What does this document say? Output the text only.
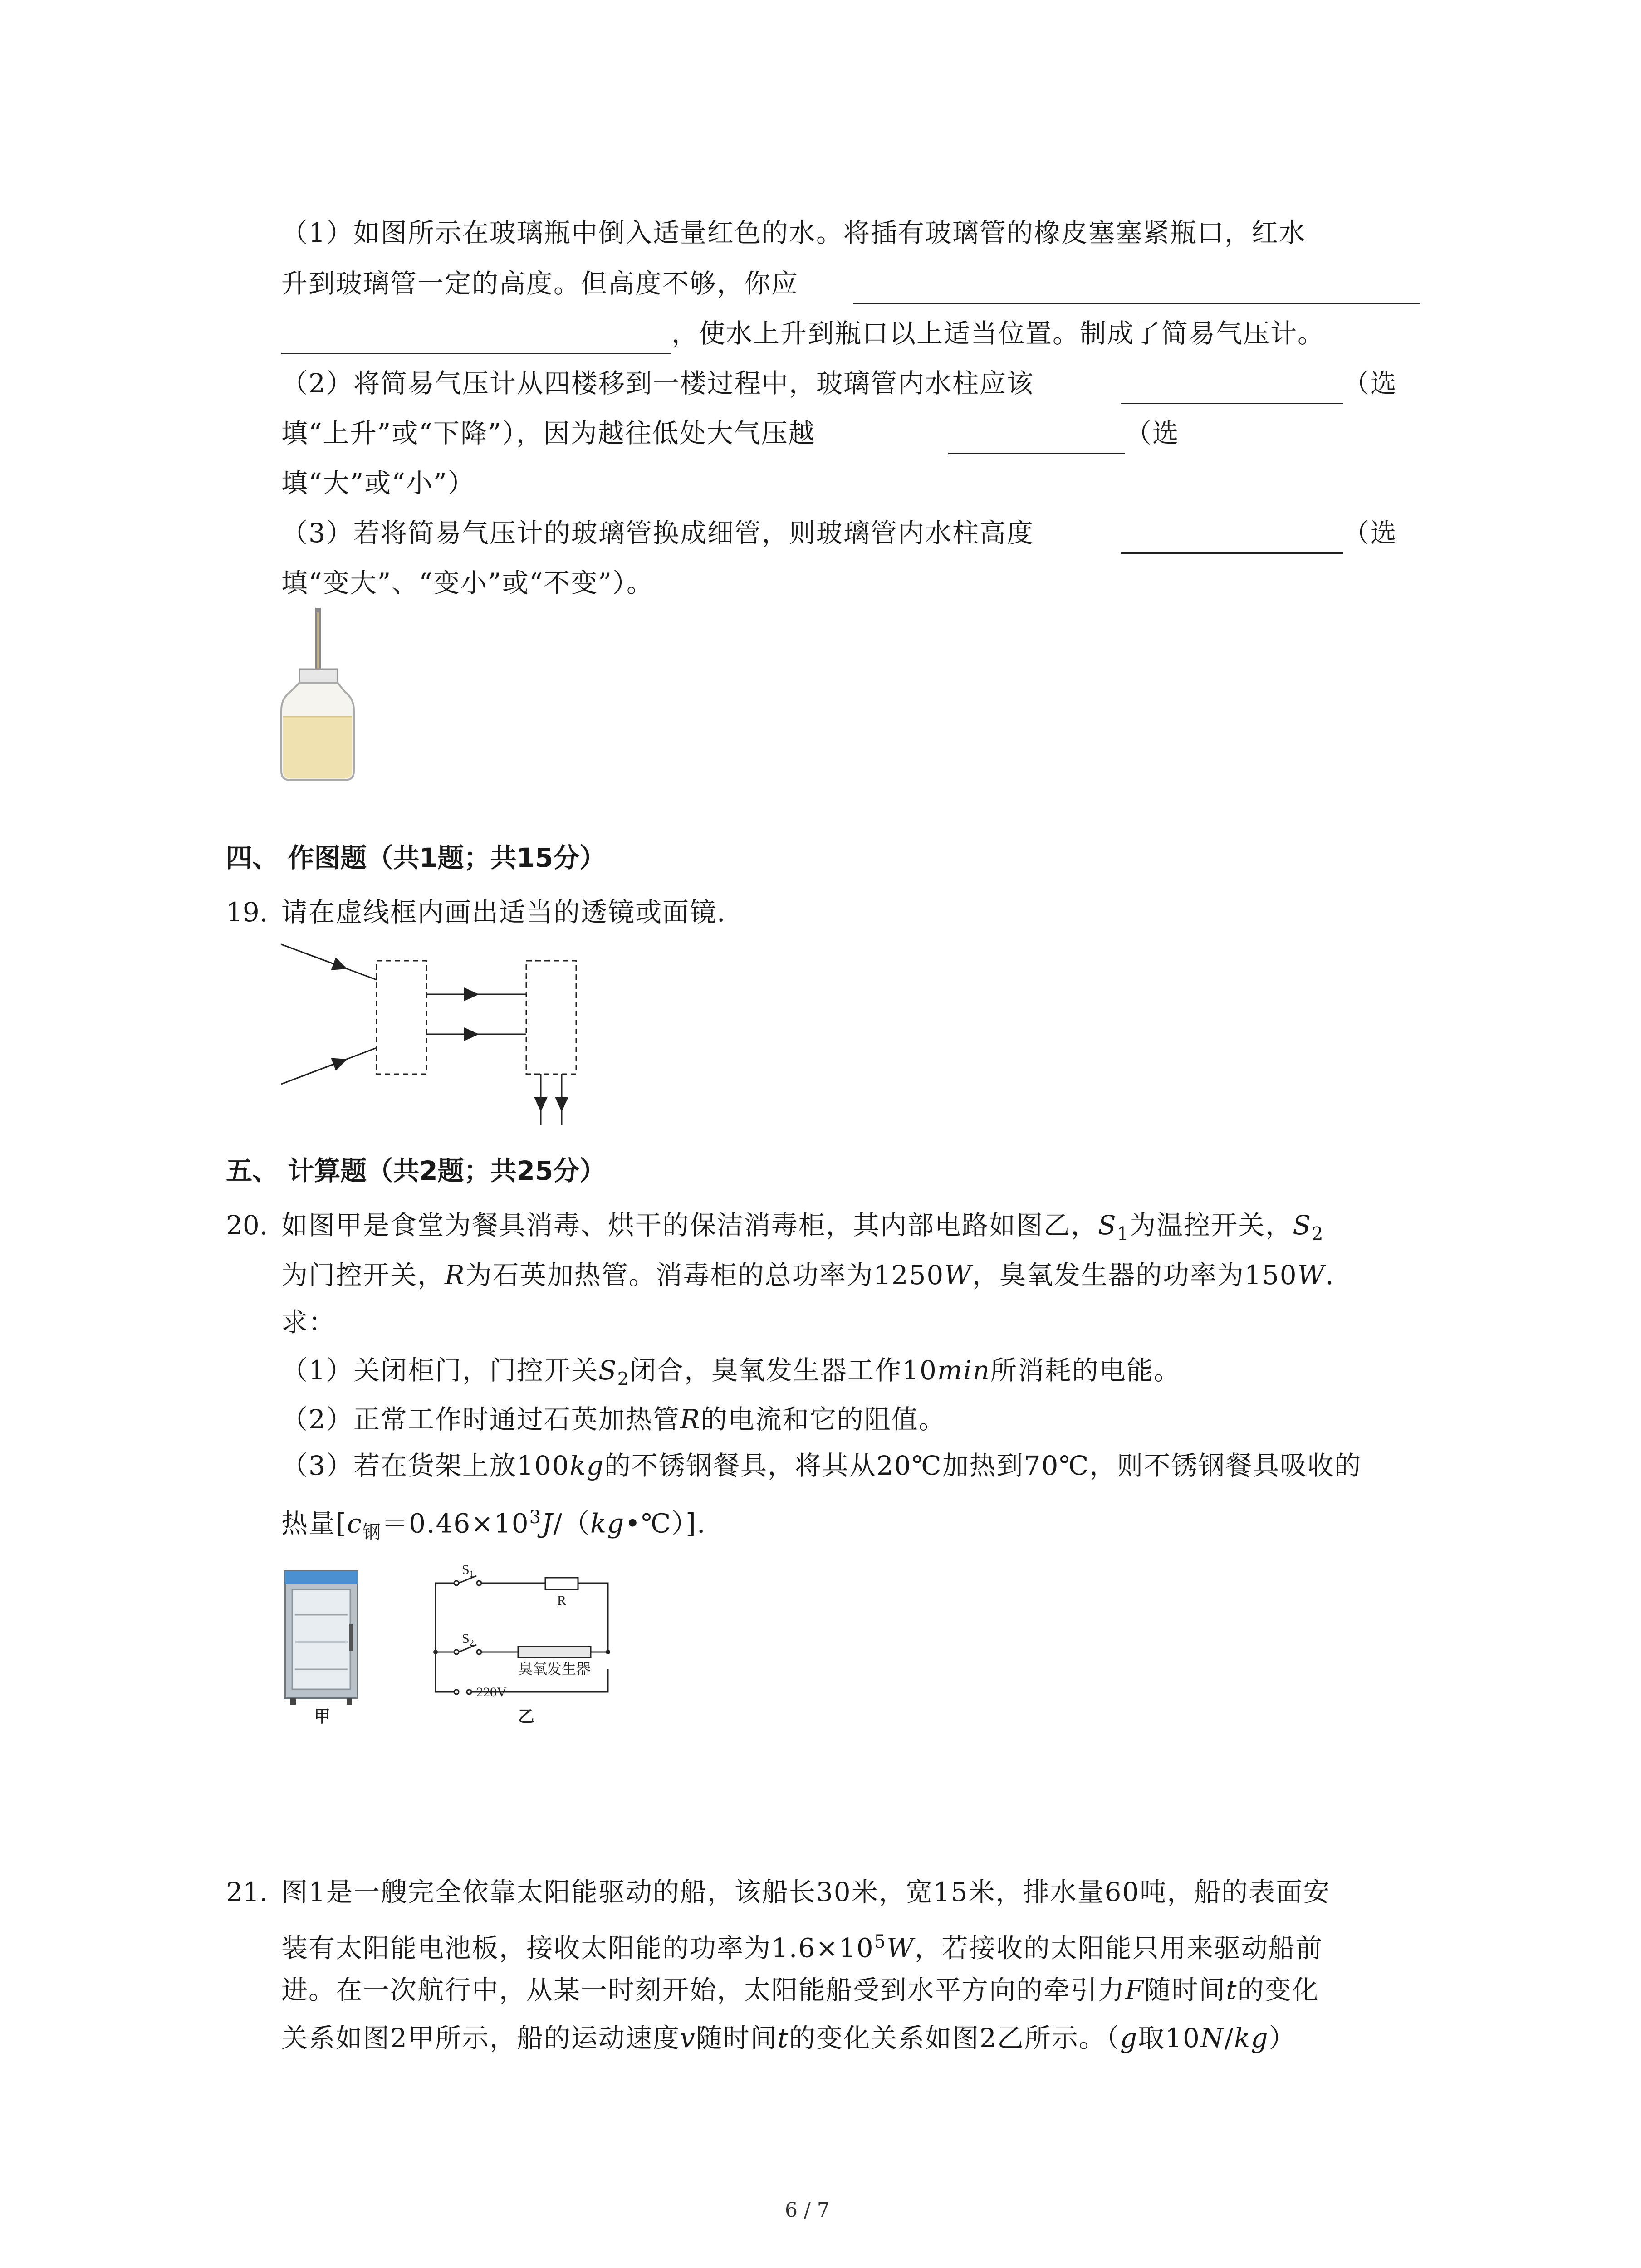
（1）如图所示在玻璃瓶中倒入适量红色的水。将插有玻璃管的橡皮塞塞紧瓶口，红水
升到玻璃管一定的高度。但高度不够，你应
，使水上升到瓶口以上适当位置。制成了简易气压计。
（2）将简易气压计从四楼移到一楼过程中，玻璃管内水柱应该	（选
填“上升”或“下降”），因为越往低处大气压越	（选
填“大”或“小”）
（3）若将简易气压计的玻璃管换成细管，则玻璃管内水柱高度	（选
填“变大”、“变小”或“不变”）。
四、 作图题（共1题；共15分）
19. 请在虚线框内画出适当的透镜或面镜.
五、 计算题（共2题；共25分）
20. 如图甲是食堂为餐具消毒、烘干的保洁消毒柜，其内部电路如图乙，$S_1$为温控开关，$S_2$
为门控开关，R为石英加热管。消毒柜的总功率为1250W，臭氧发生器的功率为150W.
求：
（1）关闭柜门，门控开关$S_2$闭合，臭氧发生器工作10min所消耗的电能。
（2）正常工作时通过石英加热管R的电流和它的阻值。
（3）若在货架上放100kg的不锈钢餐具，将其从20℃加热到70℃，则不锈钢餐具吸收的
热量$[c_钢=0.46\times 10^3J/(kg•℃)]$.
甲
$S_1$
$S_2$
R
臭氧发生器
220V
乙
21. 图1是一艘完全依靠太阳能驱动的船，该船长30米，宽15米，排水量60吨，船的表面安
装有太阳能电池板，接收太阳能的功率为$1.6\times 10^5W$，若接收的太阳能只用来驱动船前
进。在一次航行中，从某一时刻开始，太阳能船受到水平方向的牵引力F随时间t的变化
关系如图2甲所示，船的运动速度v随时间t的变化关系如图2乙所示。（g取10N/kg）
6 / 7
